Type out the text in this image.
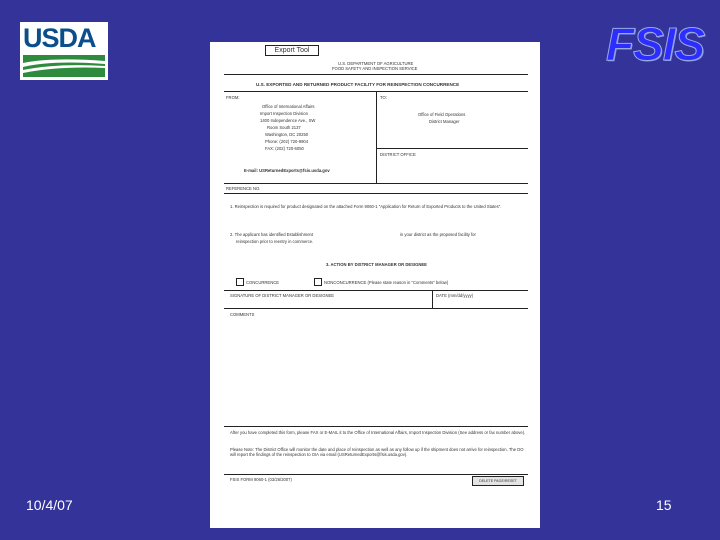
USDA	FSIS
Export Tool
U.S. DEPARTMENT OF AGRICULTURE
FOOD SAFETY AND INSPECTION SERVICE
U.S. EXPORTED AND RETURNED PRODUCT FACILITY FOR REINSPECTION CONCURRENCE
FROM:	TO:
Office of International Affairs
Import Inspection Division
1400 Independence Ave., SW
Room South 2137
Washington, DC 20250
Phone: (202) 720-9904
FAX: (202) 720-6050
E-mail: USReturnedExports@fsis.usda.gov
Office of Field Operations
District Manager
DISTRICT OFFICE
REFERENCE NO.
1. Reinspection is required for product designated on the attached Form 9060-1 "Application for Return of Exported Products to the United States".
2. The applicant has identified Establishment	in your district as the proposed facility for
reinspection prior to reentry in commerce.
3. ACTION BY DISTRICT MANAGER OR DESIGNEE
CONCURRENCE	NONCONCURRENCE (Please state reason in "Comments" below)
SIGNATURE OF DISTRICT MANAGER OR DESIGNEE	DATE (mm/dd/yyyy)
COMMENTS
After you have completed this form, please FAX or E-MAIL it to the Office of International Affairs, Import Inspection Division (See address or fax number above).
Please Note: The District Office will monitor the date and place of reinspection as well as any follow up if the shipment does not arrive for reinspection. The DO will report the findings of the reinspection to OIA via email (USReturnedExports@fsis.usda.gov).
FSIS FORM 9060-1 (03/26/2007)	DELETE PAGE/RESET
10/4/07	15
